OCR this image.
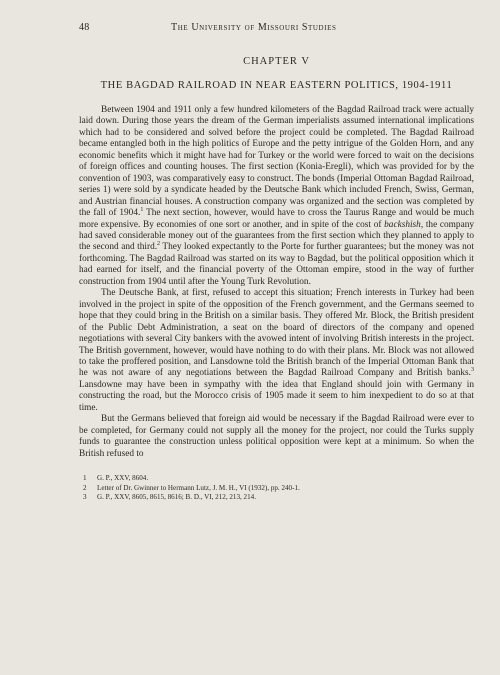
48	The University of Missouri Studies
CHAPTER V
THE BAGDAD RAILROAD IN NEAR EASTERN POLITICS, 1904-1911

Between 1904 and 1911 only a few hundred kilometers of the Bagdad Railroad track were actually laid down. During those years the dream of the German imperialists assumed international implications which had to be considered and solved before the project could be completed. The Bagdad Railroad became entangled both in the high politics of Europe and the petty intrigue of the Golden Horn, and any economic benefits which it might have had for Turkey or the world were forced to wait on the decisions of foreign offices and counting houses. The first section (Konia-Eregli), which was provided for by the convention of 1903, was comparatively easy to construct. The bonds (Imperial Ottoman Bagdad Railroad, series 1) were sold by a syndicate headed by the Deutsche Bank which included French, Swiss, German, and Austrian financial houses. A construction company was organized and the section was completed by the fall of 1904.$^1$ The next section, however, would have to cross the Taurus Range and would be much more expensive. By economies of one sort or another, and in spite of the cost of backshish, the company had saved considerable money out of the guarantees from the first section which they planned to apply to the second and third.$^2$ They looked expectantly to the Porte for further guarantees; but the money was not forthcoming. The Bagdad Railroad was started on its way to Bagdad, but the political opposition which it had earned for itself, and the financial poverty of the Ottoman empire, stood in the way of further construction from 1904 until after the Young Turk Revolution.

The Deutsche Bank, at first, refused to accept this situation; French interests in Turkey had been involved in the project in spite of the opposition of the French government, and the Germans seemed to hope that they could bring in the British on a similar basis. They offered Mr. Block, the British president of the Public Debt Administration, a seat on the board of directors of the company and opened negotiations with several City bankers with the avowed intent of involving British interests in the project. The British government, however, would have nothing to do with their plans. Mr. Block was not allowed to take the proffered position, and Lansdowne told the British branch of the Imperial Ottoman Bank that he was not aware of any negotiations between the Bagdad Railroad Company and British banks.$^3$ Lansdowne may have been in sympathy with the idea that England should join with Germany in constructing the road, but the Morocco crisis of 1905 made it seem to him inexpedient to do so at that time.

But the Germans believed that foreign aid would be necessary if the Bagdad Railroad were ever to be completed, for Germany could not supply all the money for the project, nor could the Turks supply funds to guarantee the construction unless political opposition were kept at a minimum. So when the British refused to

1	G. P., XXV, 8604.
2	Letter of Dr. Gwinner to Hermann Lutz, J. M. H., VI (1932), pp. 240-1.
3	G. P., XXV, 8605, 8615, 8616; B. D., VI, 212, 213, 214.
